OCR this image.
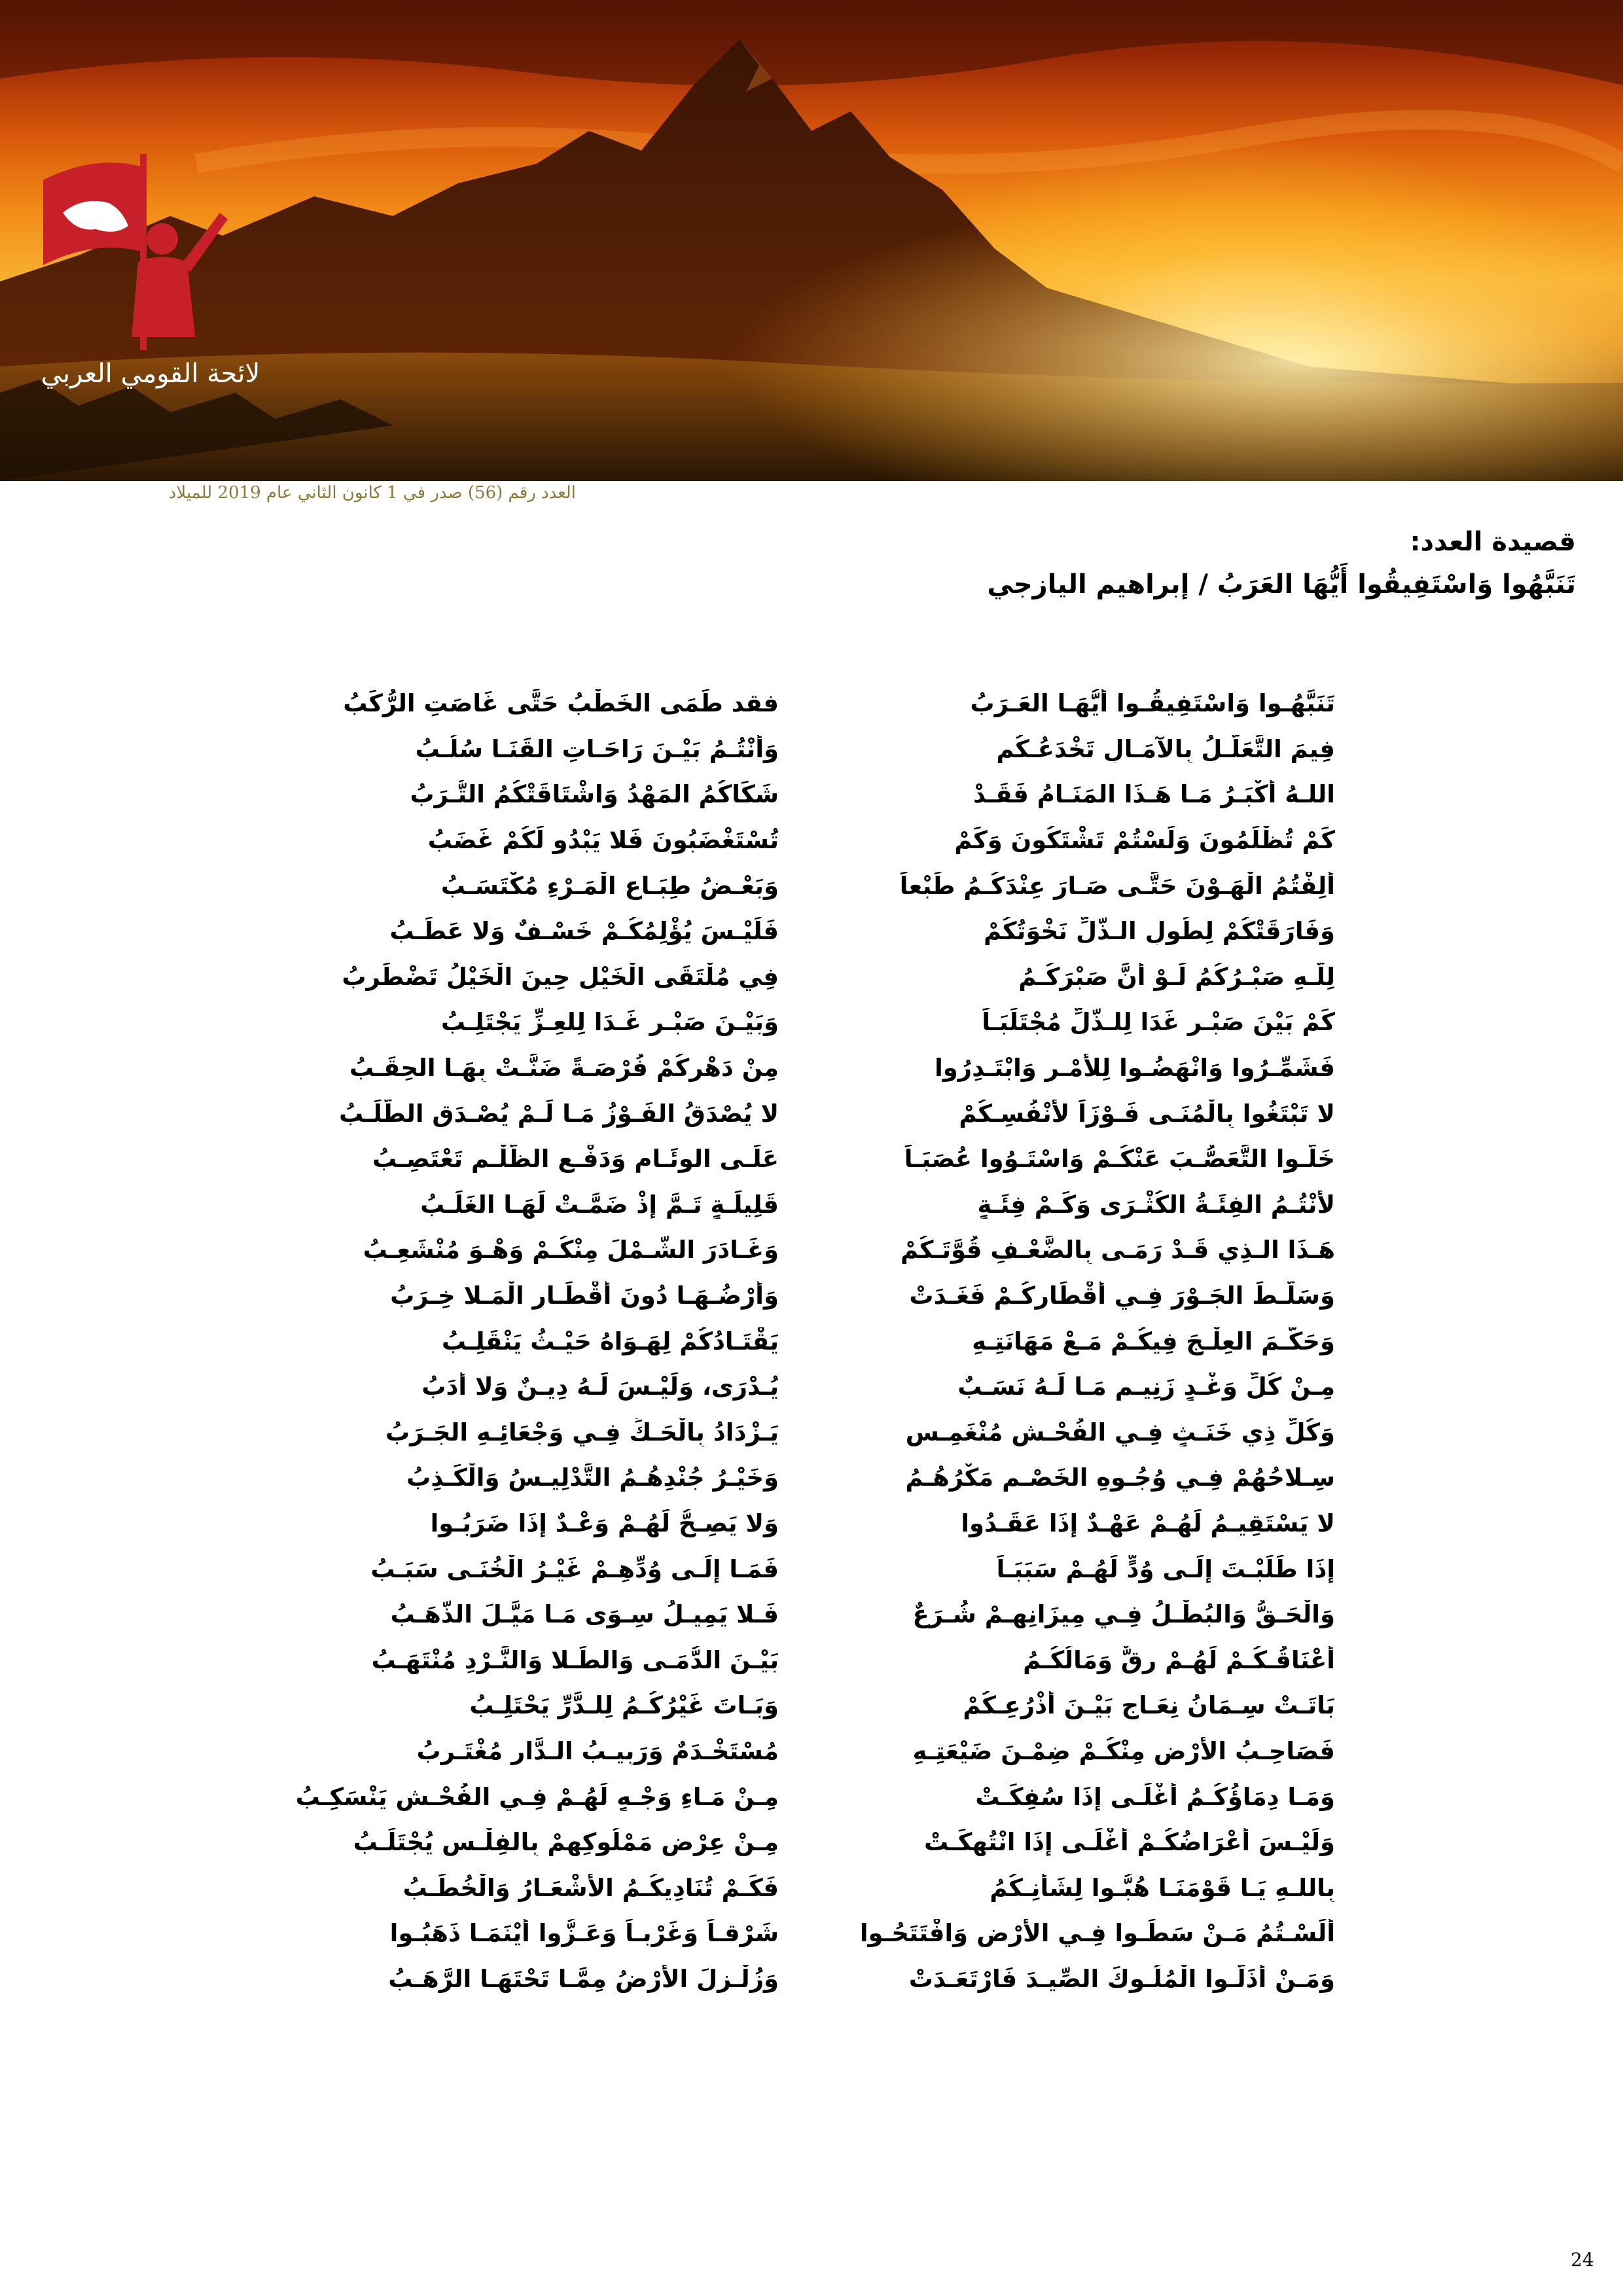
لائحة القومي العربي
العدد رقم (56) صدر في 1 كانون الثاني عام 2019 للميلاد
قصيدة العدد:
تَنَبَّهُوا وَاسْتَفِيقُوا أَيُّهَا العَرَبُ / إبراهيم اليازجي
تَنَبَّهُـوا وَاسْتَفِيقُـوا أَيُّهَـا العَـرَبُ
فقد طَمَى الخَطْبُ حَتَّى غَاصَتِ الرُّكَبُ
فِيمَ التَّعَلُّـلُ بِالآمَـالِ تَخْدَعُـكُم
وَأَنْتُـمُ بَيْـنَ رَاحَـاتِ القَنَـا سُلُـبُ
اللـهُ أَكْبَـرُ مَـا هَـذَا المَنَـامُ فَقَـدْ
شَكَاكُمُ المَهْدُ وَاشْتَاقَتْكُمُ التُّـرَبُ
كَمْ تُظْلَمُونَ وَلَسْتُمْ تَشْتَكُونَ وَكَمْ
تُسْتَغْضَبُونَ فَلا يَبْدُو لَكُمْ غَضَبُ
أَلِفْتُمُ الْهَـوْنَ حَتَّـى صَـارَ عِنْدَكُـمُ طَبْعاً
وَبَعْـضُ طِبَـاعِ الْمَـرْءِ مُكْتَسَـبُ
وَفَارَقَتْكُمْ لِطُولِ الـذُّلِّ نَخْوَتُكُمْ
فَلَيْـسَ يُؤْلِمُكُـمْ خَسْـفٌ وَلا عَطَـبُ
لِلّـهِ صَبْـرُكُمُ لَـوْ أَنَّ صَبْرَكُـمُ
فِي مُلْتَقَى الْخَيْلِ حِينَ الْخَيْلُ تَضْطَرِبُ
كَمْ بَيْنَ صَبْـرٍ غَدَا لِلـذُّلِّ مُجْتَلَبَـاً
وَبَيْـنَ صَبْـرٍ غَـدَا لِلعِـزِّ يَجْتَلِـبُ
فَشَمِّـرُوا وَانْهَضُـوا لِلأَمْـرِ وَابْتَـدِرُوا
مِنْ دَهْرِكُمْ فُرْصَـةً ضَنَّـتْ بِهَـا الحِقَـبُ
لا تَبْتَغُوا بِالْمُنَـى فَـوْزَاً لأَنْفُسِـكُمْ
لا يُصْدَقُ الفَـوْزُ مَـا لَـمْ يُصْـدَقِ الطَّلَـبُ
خَلُّـوا التَّعَصُّـبَ عَنْكُـمْ وَاسْتَـوُوا عُصَبَـاً
عَلَـى الوِئَـامِ وَدَفْـعِ الظُّلْـمِ تَعْتَصِـبُ
لأَنْتُـمُ الفِئَـةُ الكُثْـرَى وَكَـمْ فِئَـةٍ
قَلِيلَـةٍ تَـمَّ إِذْ ضَمَّـتْ لَهَـا الغَلَـبُ
هَـذَا الـذِي قَـدْ رَمَـى بِالضَّعْـفِ قُوَّتَـكُمْ
وَغَـادَرَ الشَّـمْلَ مِنْكُـمْ وَهْـوَ مُنْشَعِـبُ
وَسَلَّـطَ الجَـوْرَ فِـي أَقْطَارِكُـمْ فَغَـدَتْ
وَأَرْضُـهَـا دُونَ أَقْطَـارِ الْمَـلا خِـرَبُ
وَحَكَّـمَ العِلْـجَ فِيكُـمْ مَـعْ مَهَانَتِـهِ
يَقْتَـادُكُمْ لِهَـوَاهُ حَيْـثُ يَنْقَلِـبُ
مِـنْ كُلِّ وَغْـدٍ زَنِيـمٍ مَـا لَـهُ نَسَـبٌ
يُـدْرَى، وَلَيْـسَ لَـهُ دِيـنٌ وَلا أَدَبُ
وَكُلِّ ذِي خَنَـثٍ فِـي الفُحْـشِ مُنْغَمِـسٍ
يَـزْدَادُ بِالْحَـكِّ فِـي وَجْعَائِـهِ الجَـرَبُ
سِـلاحُهُمْ فِـي وُجُـوهِ الخَصْـمِ مَكْرُهُـمُ
وَخَيْـرُ جُنْدِهُـمُ التَّدْلِيـسُ وَالْكَـذِبُ
لا يَسْتَقِيـمُ لَهُـمْ عَهْـدٌ إِذَا عَقَـدُوا
وَلا يَصِـحُّ لَهُـمْ وَعْـدٌ إِذَا ضَرَبُـوا
إِذَا طَلَبْـتَ إِلَـى وُدٍّ لَهُـمْ سَبَبَـاً
فَمَـا إِلَـى وُدِّهِـمْ غَيْـرُ الْخُنَـى سَبَـبُ
وَالْحَـقُّ وَالبُطْـلُ فِـي مِيزَانِهِـمْ شُـرَعٌ
فَـلا يَمِيـلُ سِـوَى مَـا مَيَّـلَ الذَّهَـبُ
أَعْنَاقُـكُـمْ لَهُـمْ رِقٌّ وَمَالُكُـمُ
بَيْـنَ الدُّمَـى وَالطِّـلا وَالنَّـرْدِ مُنْتَهَـبُ
بَاتَـتْ سِـمَانُ نِعَـاجٍ بَيْـنَ أَذْرُعِـكُمْ
وَبَـاتَ غَيْرُكُـمُ لِلـدَّرِّ يَحْتَلِـبُ
فَصَاحِـبُ الأَرْضِ مِنْكُـمْ ضِمْـنَ ضَيْعَتِـهِ
مُسْتَخْـدَمٌ وَرَبِيـبُ الـدَّارِ مُغْتَـرِبُ
وَمَـا دِمَاؤُكُـمُ أَغْلَـى إِذَا سُفِكَـتْ
مِـنْ مَـاءِ وَجْـهٍ لَهُـمْ فِـي الفُحْـشِ يَنْسَكِـبُ
وَلَيْـسَ أَعْرَاضُكُـمْ أَغْلَـى إِذَا انْتُهِكَـتْ
مِـنْ عِرْضِ مَمْلُوكِهِمْ بِالفِلْـسِ يُجْتَلَـبُ
بِاللـهِ يَـا قَوْمَنَـا هُبُّـوا لِشَأْنِـكُمُ
فَكَـمْ تُنَادِيكُـمُ الأَشْعَـارُ وَالْخُطَـبُ
أَلَسْـتُمُ مَـنْ سَطَـوا فِـي الأَرْضِ وَافْتَتَحُـوا
شَرْقـاً وَغَرْبـاً وَعَـزُّوا أَيْنَمَـا ذَهَبُـوا
وَمَـنْ أَذَلُّـوا الْمُلُـوكَ الصِّيـدَ فَارْتَعَـدَتْ
وَزُلْـزِلَ الأَرْضُ مِمَّـا تَحْتَهَـا الرَّهَـبُ
24
